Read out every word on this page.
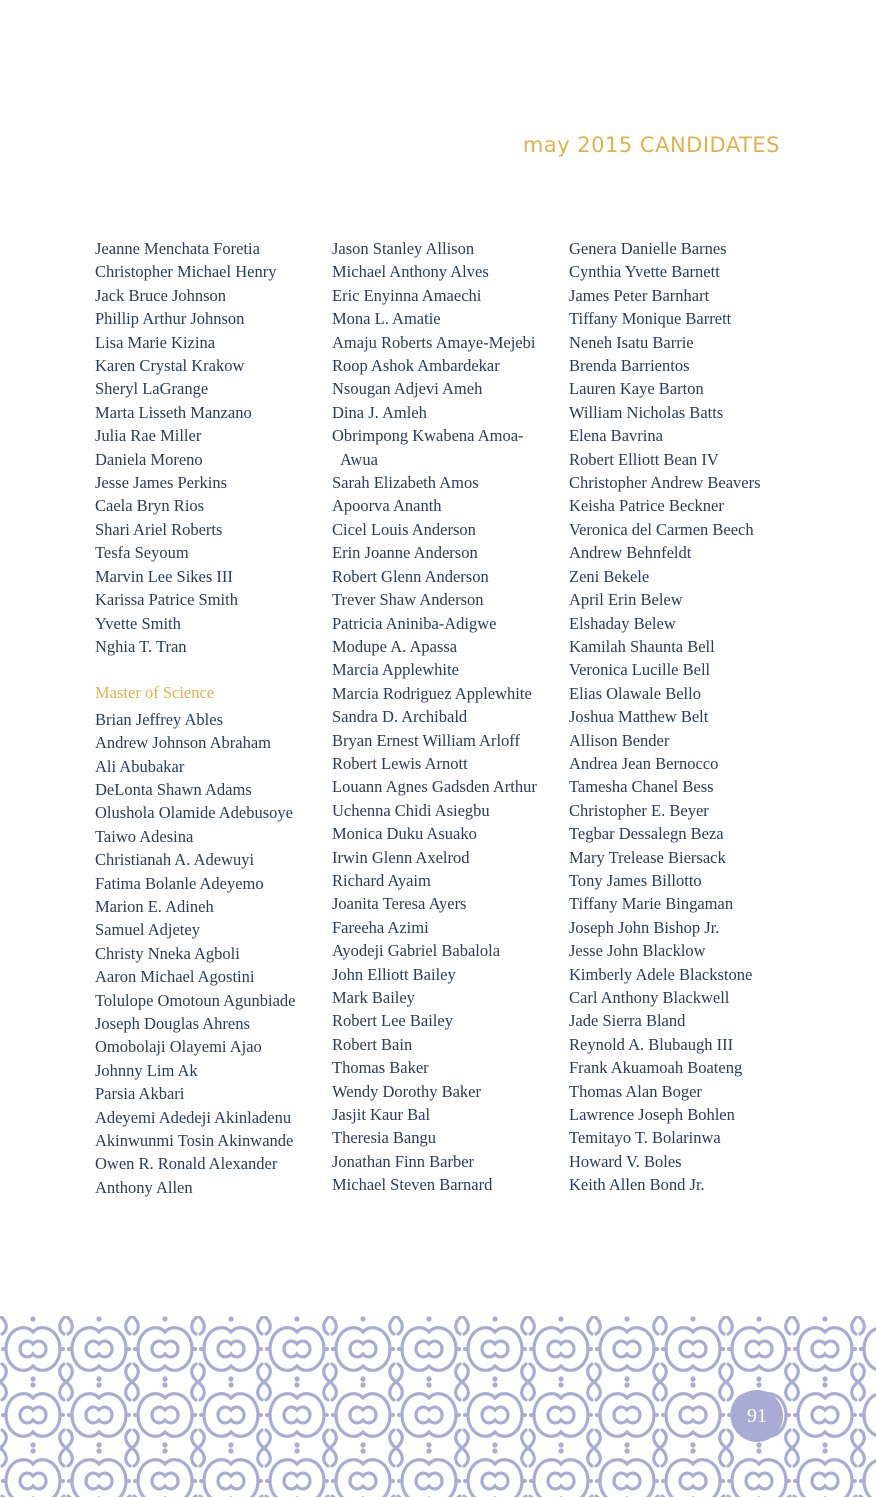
may 2015 CANDIDATES
Jeanne Menchata Foretia
Christopher Michael Henry
Jack Bruce Johnson
Phillip Arthur Johnson
Lisa Marie Kizina
Karen Crystal Krakow
Sheryl LaGrange
Marta Lisseth Manzano
Julia Rae Miller
Daniela Moreno
Jesse James Perkins
Caela Bryn Rios
Shari Ariel Roberts
Tesfa Seyoum
Marvin Lee Sikes III
Karissa Patrice Smith
Yvette Smith
Nghia T. Tran
Master of Science
Brian Jeffrey Ables
Andrew Johnson Abraham
Ali Abubakar
DeLonta Shawn Adams
Olushola Olamide Adebusoye
Taiwo Adesina
Christianah A. Adewuyi
Fatima Bolanle Adeyemo
Marion E. Adineh
Samuel Adjetey
Christy Nneka Agboli
Aaron Michael Agostini
Tolulope Omotoun Agunbiade
Joseph Douglas Ahrens
Omobolaji Olayemi Ajao
Johnny Lim Ak
Parsia Akbari
Adeyemi Adedeji Akinladenu
Akinwunmi Tosin Akinwande
Owen R. Ronald Alexander
Anthony Allen
Jason Stanley Allison
Michael Anthony Alves
Eric Enyinna Amaechi
Mona L. Amatie
Amaju Roberts Amaye-Mejebi
Roop Ashok Ambardekar
Nsougan Adjevi Ameh
Dina J. Amleh
Obrimpong Kwabena Amoa-
Awua
Sarah Elizabeth Amos
Apoorva Ananth
Cicel Louis Anderson
Erin Joanne Anderson
Robert Glenn Anderson
Trever Shaw Anderson
Patricia Aniniba-Adigwe
Modupe A. Apassa
Marcia Applewhite
Marcia Rodriguez Applewhite
Sandra D. Archibald
Bryan Ernest William Arloff
Robert Lewis Arnott
Louann Agnes Gadsden Arthur
Uchenna Chidi Asiegbu
Monica Duku Asuako
Irwin Glenn Axelrod
Richard Ayaim
Joanita Teresa Ayers
Fareeha Azimi
Ayodeji Gabriel Babalola
John Elliott Bailey
Mark Bailey
Robert Lee Bailey
Robert Bain
Thomas Baker
Wendy Dorothy Baker
Jasjit Kaur Bal
Theresia Bangu
Jonathan Finn Barber
Michael Steven Barnard
Genera Danielle Barnes
Cynthia Yvette Barnett
James Peter Barnhart
Tiffany Monique Barrett
Neneh Isatu Barrie
Brenda Barrientos
Lauren Kaye Barton
William Nicholas Batts
Elena Bavrina
Robert Elliott Bean IV
Christopher Andrew Beavers
Keisha Patrice Beckner
Veronica del Carmen Beech
Andrew Behnfeldt
Zeni Bekele
April Erin Belew
Elshaday Belew
Kamilah Shaunta Bell
Veronica Lucille Bell
Elias Olawale Bello
Joshua Matthew Belt
Allison Bender
Andrea Jean Bernocco
Tamesha Chanel Bess
Christopher E. Beyer
Tegbar Dessalegn Beza
Mary Trelease Biersack
Tony James Billotto
Tiffany Marie Bingaman
Joseph John Bishop Jr.
Jesse John Blacklow
Kimberly Adele Blackstone
Carl Anthony Blackwell
Jade Sierra Bland
Reynold A. Blubaugh III
Frank Akuamoah Boateng
Thomas Alan Boger
Lawrence Joseph Bohlen
Temitayo T. Bolarinwa
Howard V. Boles
Keith Allen Bond Jr.
91
